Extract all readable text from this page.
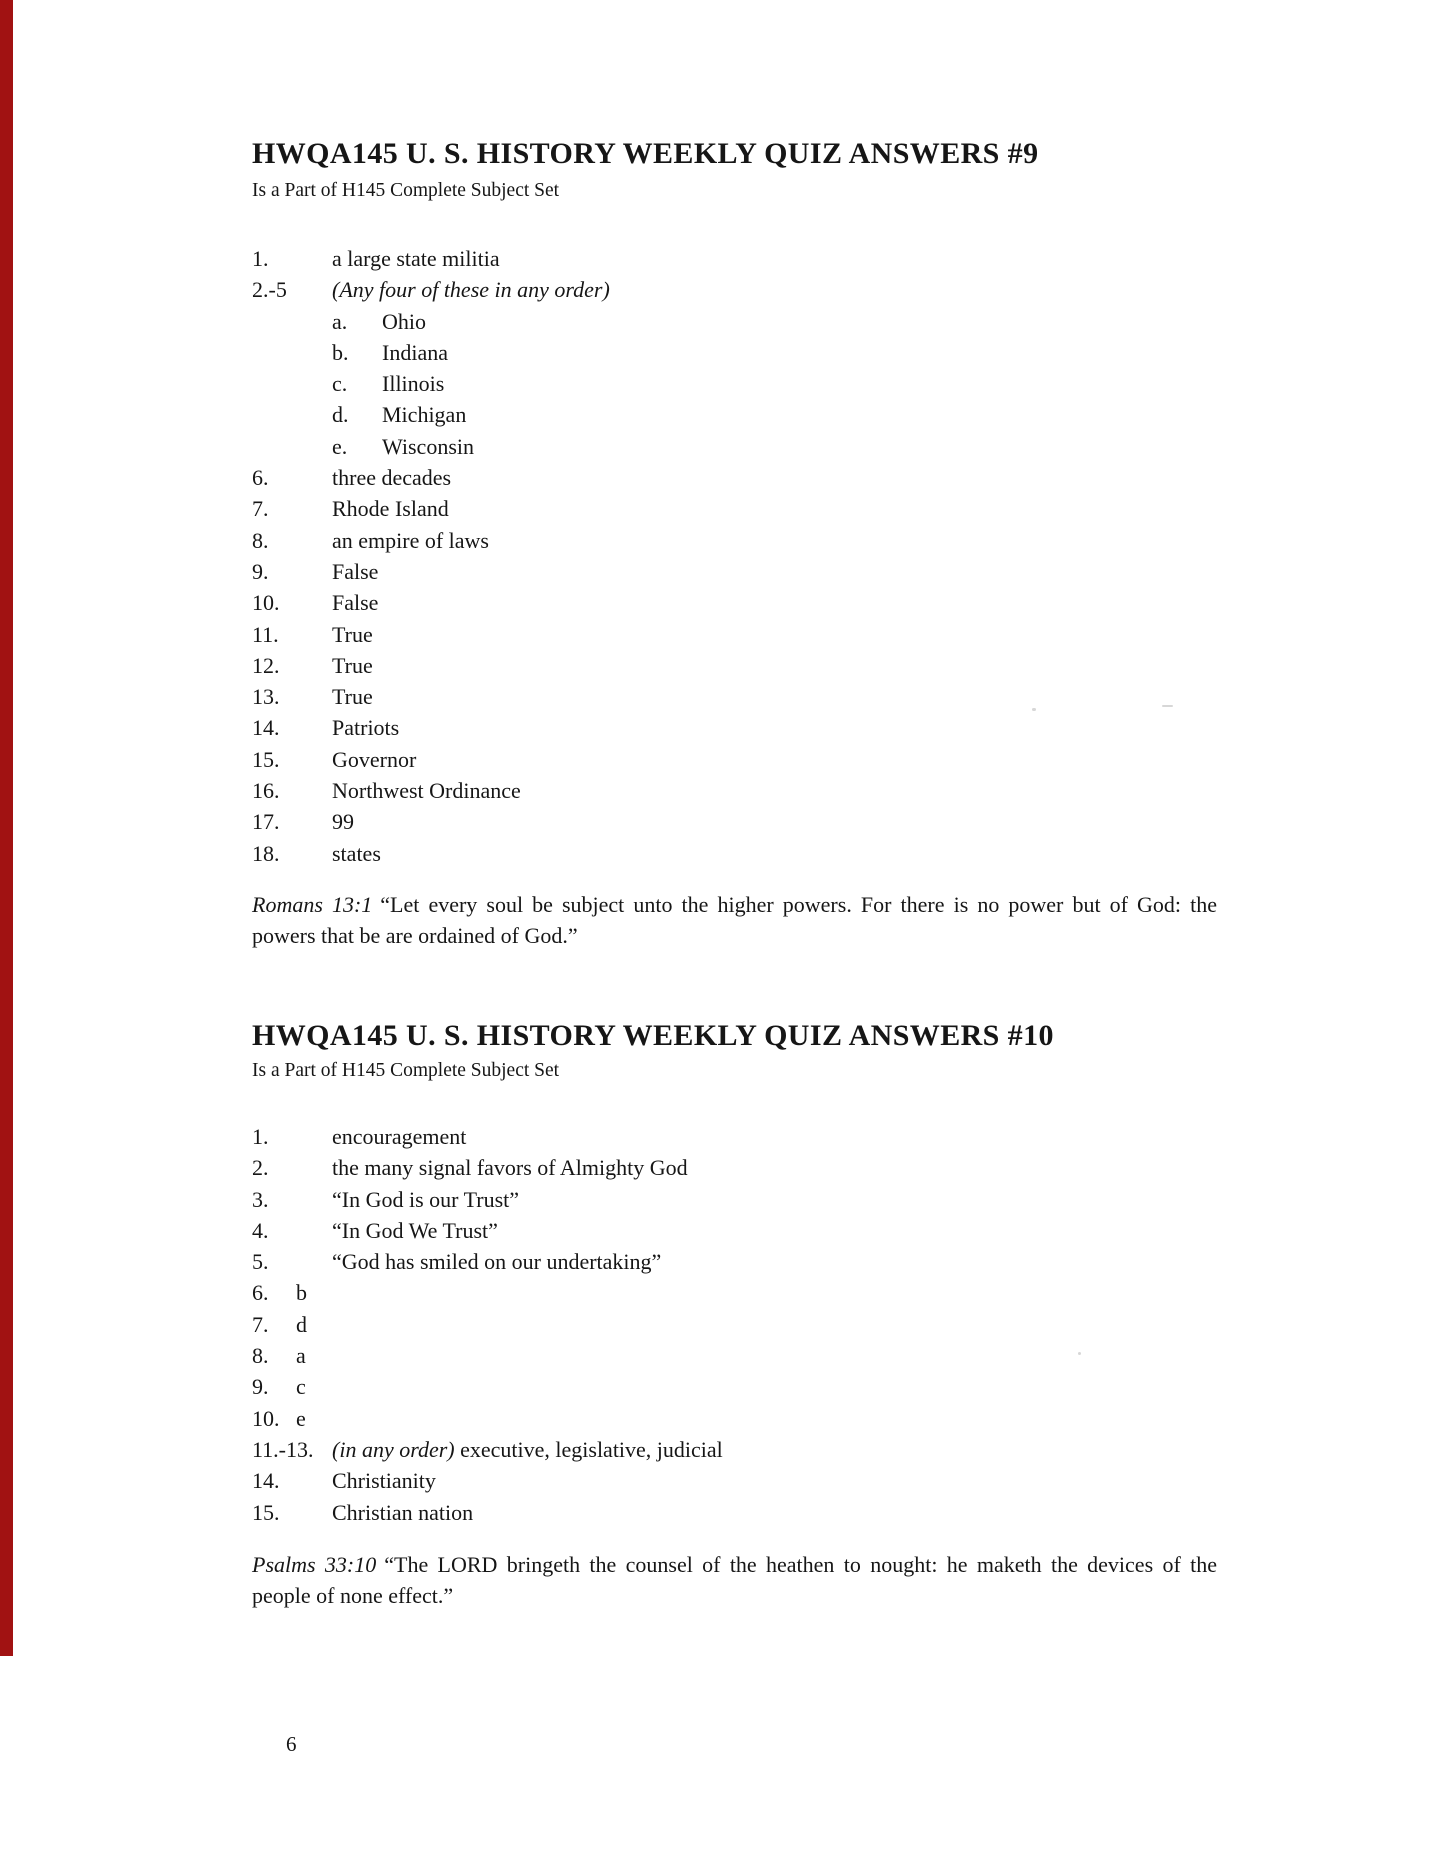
HWQA145 U. S. HISTORY WEEKLY QUIZ ANSWERS #9
Is a Part of H145 Complete Subject Set
1.	a large state militia
2.-5	(Any four of these in any order)
a.	Ohio
b.	Indiana
c.	Illinois
d.	Michigan
e.	Wisconsin
6.	three decades
7.	Rhode Island
8.	an empire of laws
9.	False
10.	False
11.	True
12.	True
13.	True
14.	Patriots
15.	Governor
16.	Northwest Ordinance
17.	99
18.	states
Romans 13:1 “Let every soul be subject unto the higher powers. For there is no power but of God: the powers that be are ordained of God.”
HWQA145 U. S. HISTORY WEEKLY QUIZ ANSWERS #10
Is a Part of H145 Complete Subject Set
1.	encouragement
2.	the many signal favors of Almighty God
3.	“In God is our Trust”
4.	“In God We Trust”
5.	“God has smiled on our undertaking”
6.	b
7.	d
8.	a
9.	c
10. e
11.-13. (in any order) executive, legislative, judicial
14.	Christianity
15.	Christian nation
Psalms 33:10 “The LORD bringeth the counsel of the heathen to nought: he maketh the devices of the people of none effect.”
6
